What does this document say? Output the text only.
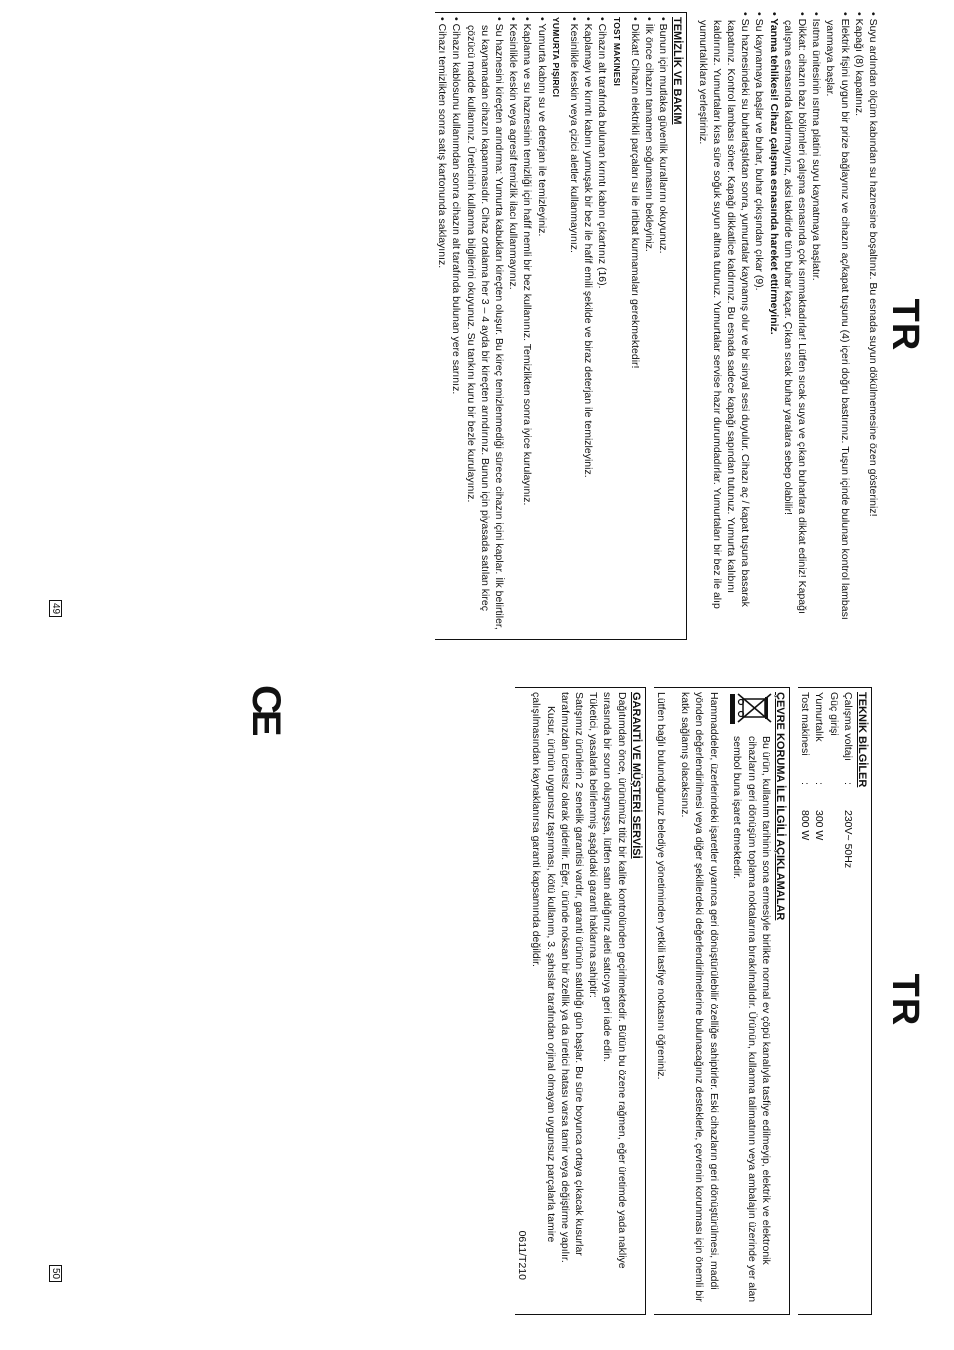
TR

• Suyu ardından ölçüm kabından su haznesine boşaltınız. Bu esnada suyun dökülmemesine özen gösteriniz!

• Kapağı (8) kapatınız.

• Elektrik fişini uygun bir prize bağlayınız ve cihazın aç/kapat tuşunu (4) içeri doğru bastırınız. Tuşun içinde bulunan kontrol lambası yanmaya başlar.

• Isıtma ünitesinin ısıtma platini suyu kaynatmaya başlatır.

• Dikkat: cihazın bazı bölümleri çalışma esnasında çok ısınmaktadırlar! Lütfen sıcak suya ve çıkan buharlara dikkat ediniz! Kapağı çalışma esnasında kaldırmayınız, aksi takdirde tüm buhar kaçar. Çıkan sıcak buhar yaralara sebep olabilir!

• Yanma tehlikesi! Cihazı çalışma esnasında hareket ettirmeyiniz.

• Su kaynamaya başlar ve buhar, buhar çıkışından çıkar (9).

• Su haznesindeki su buharlaştıktan sonra, yumurtalar kaynamış olur ve bir sinyal sesi duyulur. Cihazı aç / kapat tuşuna basarak kapatınız. Kontrol lambası söner. Kapağı dikkatlice kaldırınız. Bu esnada sadece kapağı sapından tutunuz. Yumurta kalıbını kaldırınız. Yumurtaları kısa süre soğuk suyun altına tutunuz. Yumurtalar servise hazır durumdadırlar. Yumurtaları bir bez ile alıp yumurtalıklara yerleştiriniz.

TEMİZLİK VE BAKIM

• Bunun için mutlaka güvenlik kurallarını okuyunuz.

• İlk önce cihazın tamamen soğumasını bekleyiniz.

• Dikkat! Cihazın elektrikli parçaları su ile irtibat kurmamaları gerekmektedir!

TOST MAKINESI

• Cihazın alt tarafında bulunan kırıntı kabını çıkartınız (16).

• Kaplamayı ve kırıntı kabını yumuşak bir bez ile hafif emili şekilde ve biraz deterjan ile temizleyiniz.

• Kesinlikle keskin veya çizici aletler kullanmayınız.

YUMURTA PIŞIRICI

• Yumurta kabını su ve deterjan ile temizleyiniz.

• Kaplama ve su haznesinin temizliği için hafif nemli bir bez kullanınız. Temizlikten sonra iyice kurulayınız.

• Kesinlikle keskin veya agresif temizlik ilacı kullanmayınız.

• Su haznesini kireçten arındırma: Yumurta kabukları kireçten oluşur. Bu kireç temizlenmediği sürece cihazın içini kaplar. İlk belirtiler, su kaynamadan cihazın kapanmasıdır. Cihaz ortalama her 3 – 4 ayda bir kireçten arındırınız. Bunun için piyasada satılan kireç çözücü madde kullanınız. Üreticinin kullanma bilgilerini okuyunuz. Su tankını kuru bir bezle kurulayınız.

• Cihazın kablosunu kullanımdan sonra cihazın alt tarafında bulunan yere sarınız.

• Cihazı temizlikten sonra satış kartonunda saklayınız.

49
TR
TEKNİK BİLGİLER
Çalışma voltajı
:
230V~ 50Hz
Güç girişi
Yumurtalık
:
300 W
Tost makinesi
:
800 W
ÇEVRE KORUMA İLE İLGİLİ AÇIKLAMALAR

Bu ürün, kullanım tarihinin sona ermesiyle birlikte normal ev çöpü kanalıyla tasfiye edilmeyip, elektrik ve elektronik cihazların geri dönüşüm toplama noktalarına bırakılmalıdır. Ürünün, kullanma talimatının veya ambalajın üzerinde yer alan sembol buna işaret etmektedir.

Hammaddeler, üzerlerindeki işaretler uyarınca geri dönüştürülebilir özelliğe sahiptirler. Eski cihazların geri dönüştürülmesi, maddi yönden değerlendirilmesi veya diğer şekillerdeki değerlendirilmelerine bulunacağınız desteklerle, çevrenin korunması için önemli bir katkı sağlamış olacaksınız.

Lütfen bağlı bulunduğunuz belediye yönetiminden yetkili tasfiye noktasını öğreniniz.

GARANTİ VE MÜŞTERİ SERVİSİ

Dağıtımdan önce, ürünümüz titiz bir kalite kontrolünden geçirilmektedir. Bütün bu özene rağmen, eğer üretimde yada nakliye sırasında bir sorun oluşmuşsa, lütfen satın aldığınız aleti satıcıya geri iade edin.

Tüketici, yasalarla belirlenmiş aşağıdaki garanti haklarına sahiptir:

Satışımız ürünlerin 2 senelik garantisi vardır, garanti ürünün satıldığı gün başlar. Bu süre boyunca ortaya çıkacak kusurlar tarafımızdan ücretsiz olarak giderilir. Eğer, üründe noksan bir özellik ya da üretici hatası varsa tamir veya değiştirme yapılır.

Kusur, ürünün uygunsuz taşınması, kötü kullanım, 3. şahıslar tarafından orjinal olmayan uygunsuz parçalarla tamire çalışılmasından kaynaklanırsa garanti kapsamında değildir.

0611/T210

CE
50
